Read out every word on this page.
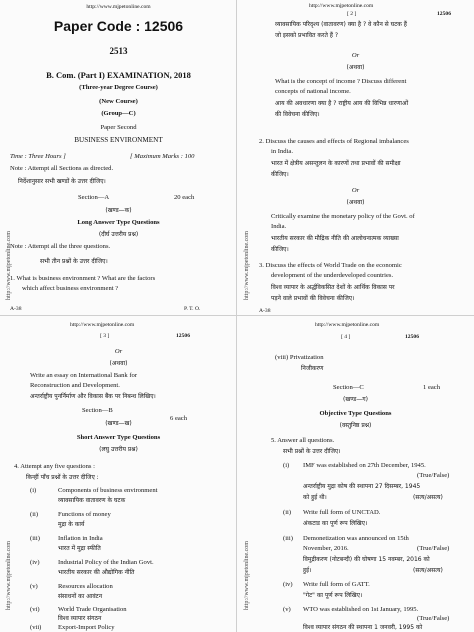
http://www.mjpetonline.com
Paper Code : 12506
2513
B. Com. (Part I) EXAMINATION, 2018
(Three-year Degree Course)
(New Course)
(Group—C)
Paper Second
BUSINESS ENVIRONMENT
Time : Three Hours ]	[ Maximum Marks : 100
Note : Attempt all Sections as directed.
निर्देशानुसार सभी खण्डों के उत्तर दीजिए।
Section—A	20 each
(खण्ड—क)
Long Answer Type Questions
(दीर्घ उत्तरीय प्रश्न)
Note : Attempt all the three questions.
सभी तीन प्रश्नों के उत्तर दीजिए।
1. What is business environment ? What are the factors
which affect business environment ?
A-38	P. T. O.
http://www.mjpetonline.com
[ 2 ]	12506
व्यावसायिक परिदृश्य (वातावरण) क्या है ? वे कौन से घटक हैं
जो इसको प्रभावित करते हैं ?
Or
(अथवा)
What is the concept of income ? Discuss different
concepts of national income.
आय की अवधारणा क्या है ? राष्ट्रीय आय की विभिन्न धारणाओं
की विवेचना कीजिए।
2. Discuss the causes and effects of Regional imbalances
in India.
भारत में क्षेत्रीय असन्तुलन के कारणों तथा प्रभावों की समीक्षा
कीजिए।
Or
(अथवा)
Critically examine the monetary policy of the Govt. of
India.
भारतीय सरकार की मौद्रिक नीति की आलोचनात्मक व्याख्या
कीजिए।
3. Discuss the effects of World Trade on the economic
development of the underdeveloped countries.
विश्व व्यापार के अर्द्धविकसित देशों के आर्थिक विकास पर
पड़ने वाले प्रभावों की विवेचना कीजिए।
A-38
http://www.mjpetonline.com
[ 3 ]	12506
Or
(अथवा)
Write an essay on International Bank for
Reconstruction and Development.
अन्तर्राष्ट्रीय पुनर्निर्माण और विकास बैंक पर निबन्ध लिखिए।
Section—B
6 each
(खण्ड—ख)
Short Answer Type Questions
(लघु उत्तरीय प्रश्न)
4. Attempt any five questions :
किन्हीं पाँच प्रश्नों के उत्तर दीजिए :
(i)	Components of business environment
व्यावसायिक वातावरण के घटक
(ii)	Functions of money
मुद्रा के कार्य
(iii)	Inflation in India
भारत में मुद्रा स्फीति
(iv)	Industrial Policy of the Indian Govt.
भारतीय सरकार की औद्योगिक नीति
(v)	Resources allocation
संसाधनों का आवंटन
(vi)	World Trade Organisation
विश्व व्यापार संगठन
(vii)	Export-Import Policy
http://www.mjpetonline.com
[ 4 ]	12506
(viii) Privatization
निजीकरण
Section—C	1 each
(खण्ड—ग)
Objective Type Questions
(वस्तुनिष्ठ प्रश्न)
5. Answer all questions.
सभी प्रश्नों के उत्तर दीजिए।
(i) IMF was established on 27th December, 1945.
(True/False)
अन्तर्राष्ट्रीय मुद्रा कोष की स्थापना 27 दिसम्बर, 1945
को हुई थी।	(सत्य/असत्य)
(ii) Write full form of UNCTAD.
अंकटाड का पूर्ण रूप लिखिए।
(iii) Demonetization was announced on 15th
November, 2016.	(True/False)
विमुद्रीकरण (नोटबन्दी) की घोषणा 15 नवम्बर, 2016 को
हुई।	(सत्य/असत्य)
(iv) Write full form of GATT.
"गेट" का पूर्ण रूप लिखिए।
(v) WTO was established on 1st January, 1995.
(True/False)
विश्व व्यापार संगठन की स्थापना 1 जनवरी, 1995 को
http://www.mjpetonline.com	http://www.mjpetonline.com
http://www.mjpetonline.com	http://www.mjpetonline.com
